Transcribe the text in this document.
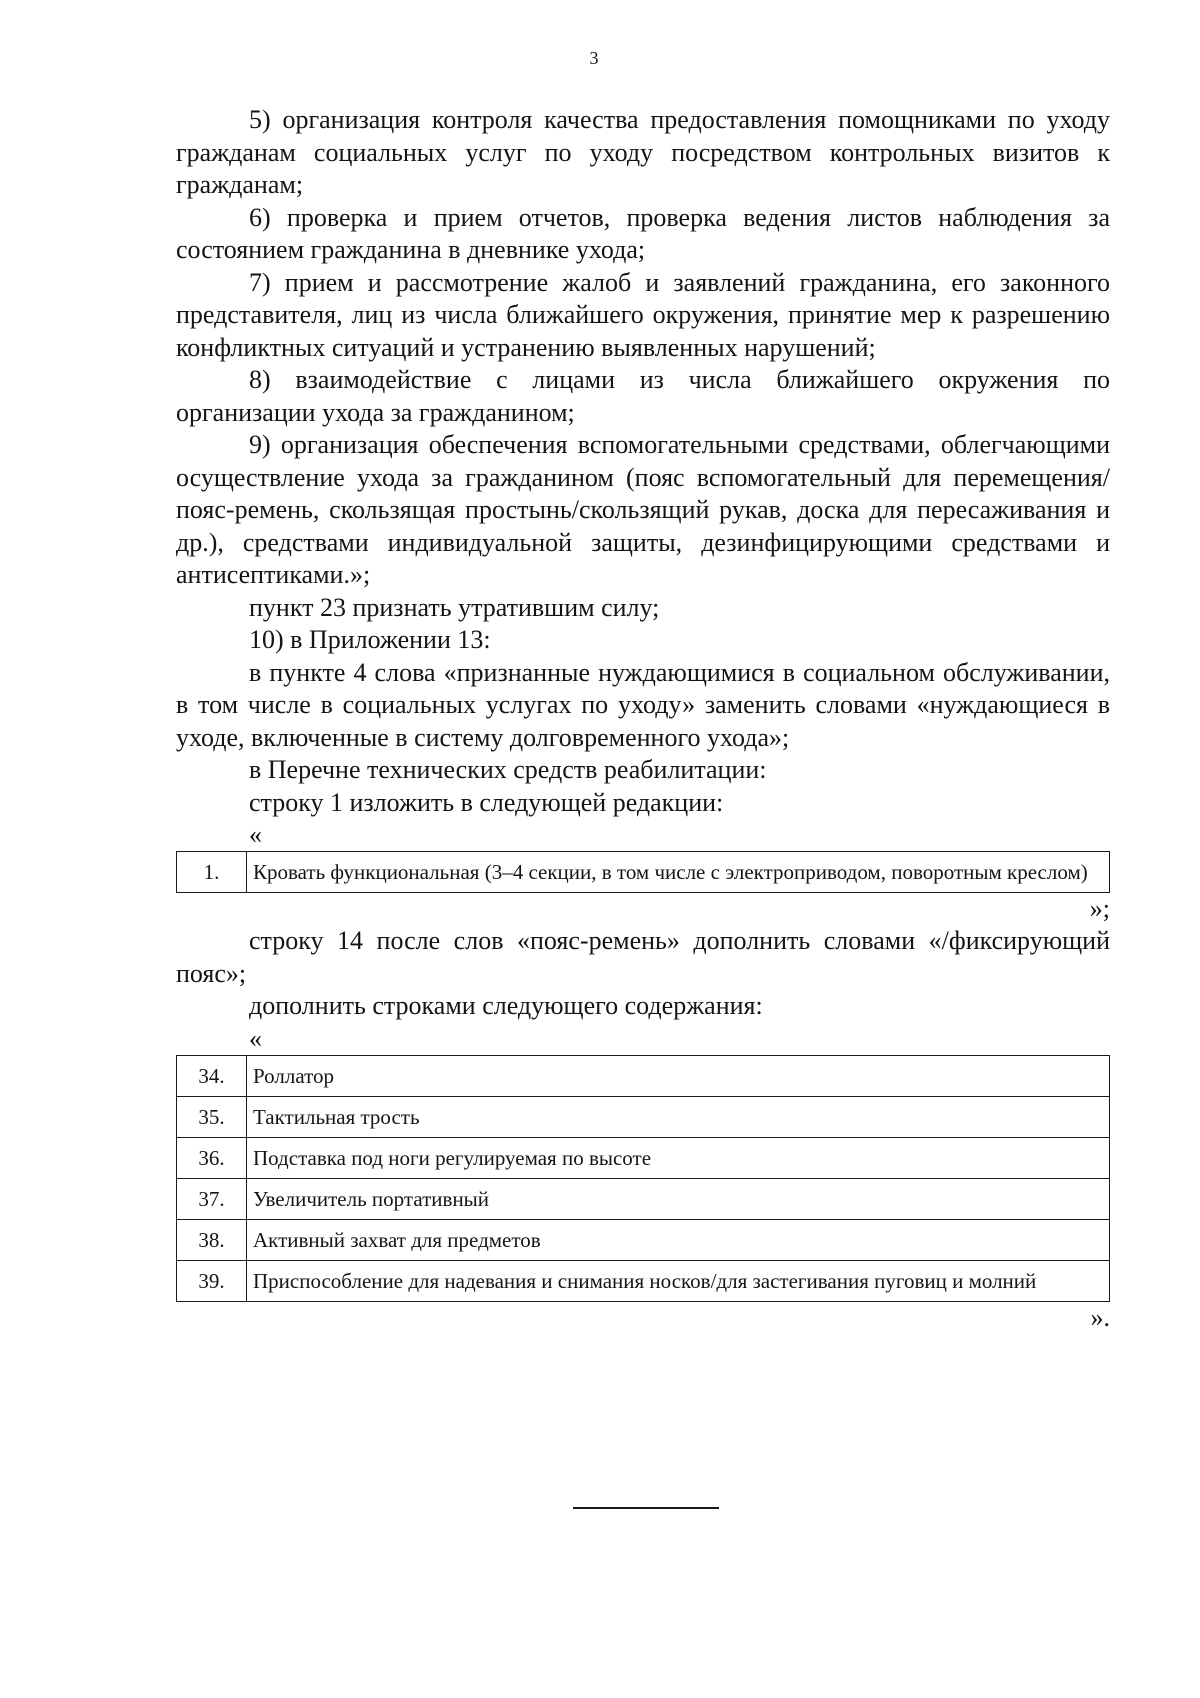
3

5) организация контроля качества предоставления помощниками по уходу гражданам социальных услуг по уходу посредством контрольных визитов к гражданам;

6) проверка и прием отчетов, проверка ведения листов наблюдения за состоянием гражданина в дневнике ухода;

7) прием и рассмотрение жалоб и заявлений гражданина, его законного представителя, лиц из числа ближайшего окружения, принятие мер к разрешению конфликтных ситуаций и устранению выявленных нарушений;

8) взаимодействие с лицами из числа ближайшего окружения по организации ухода за гражданином;

9) организация обеспечения вспомогательными средствами, облегчающими осуществление ухода за гражданином (пояс вспомогательный для перемещения/пояс-ремень, скользящая простынь/скользящий рукав, доска для пересаживания и др.), средствами индивидуальной защиты, дезинфицирующими средствами и антисептиками.»;

пункт 23 признать утратившим силу;

10) в Приложении 13:

в пункте 4 слова «признанные нуждающимися в социальном обслуживании, в том числе в социальных услугах по уходу» заменить словами «нуждающиеся в уходе, включенные в систему долговременного ухода»;

в Перечне технических средств реабилитации:

строку 1 изложить в следующей редакции:

«
1.	Кровать функциональная (3–4 секции, в том числе с электроприводом, поворотным креслом)
»;

строку 14 после слов «пояс-ремень» дополнить словами «/фиксирующий пояс»;

дополнить строками следующего содержания:

«
34.	Роллатор
35.	Тактильная трость
36.	Подставка под ноги регулируемая по высоте
37.	Увеличитель портативный
38.	Активный захват для предметов
39.	Приспособление для надевания и снимания носков/для застегивания пуговиц и молний
».
